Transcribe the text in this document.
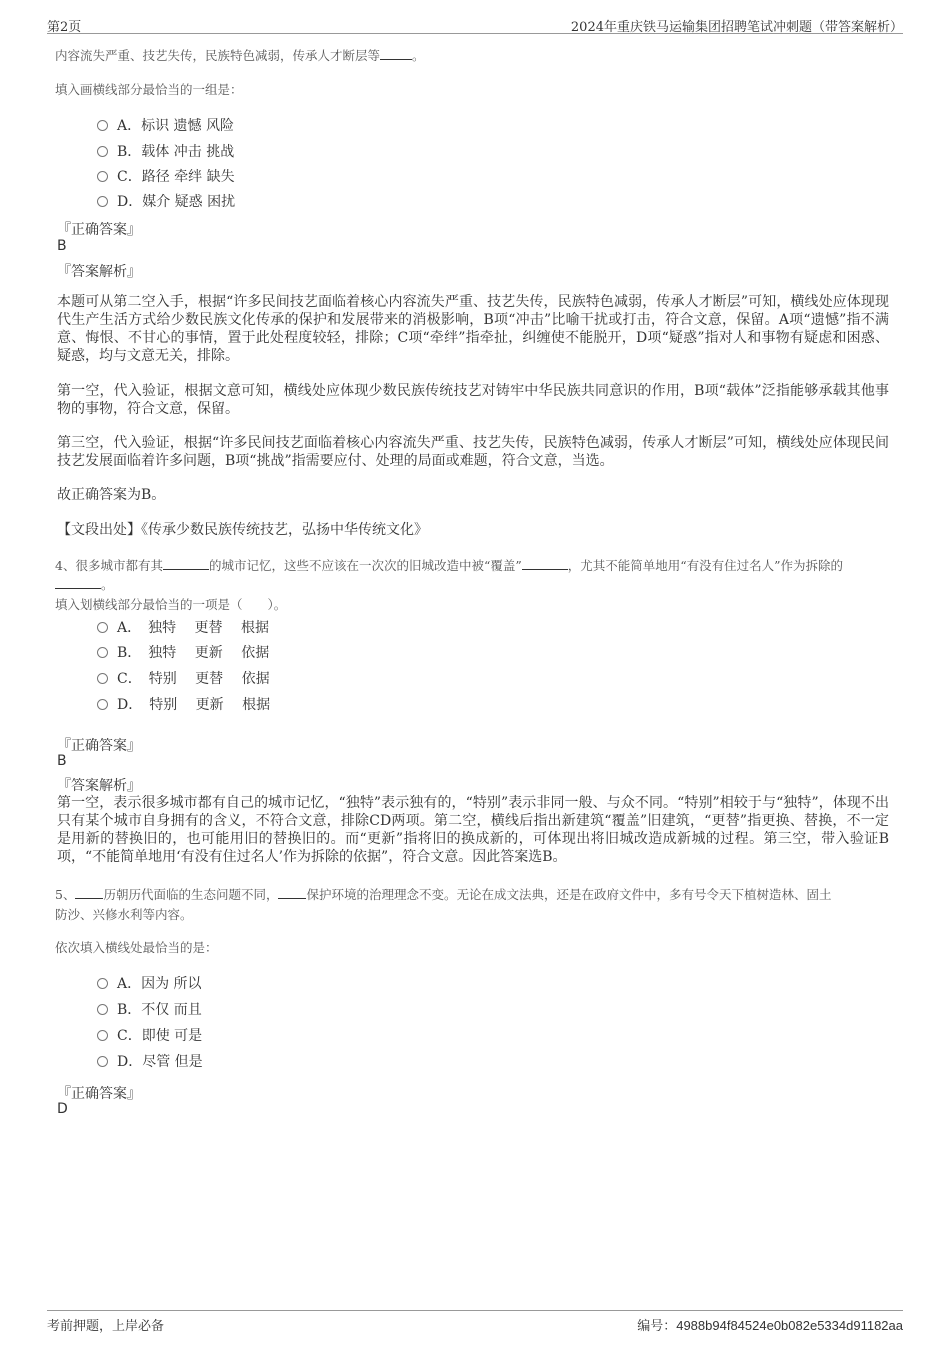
第2页	2024年重庆铁马运输集团招聘笔试冲刺题（带答案解析）
内容流失严重、技艺失传，民族特色减弱，传承人才断层等	。
填入画横线部分最恰当的一组是：
A．标识 遗憾 风险
B．载体 冲击 挑战
C．路径 牵绊 缺失
D．媒介 疑惑 困扰
『正确答案』
B
『答案解析』
本题可从第二空入手，根据“许多民间技艺面临着核心内容流失严重、技艺失传，民族特色减弱，传承人才断层”可知，横线处应体现现代生产生活方式给少数民族文化传承的保护和发展带来的消极影响，B项“冲击”比喻干扰或打击，符合文意，保留。A项“遗憾”指不满意、悔恨、不甘心的事情，置于此处程度较轻，排除；C项“牵绊”指牵扯，纠缠使不能脱开，D项“疑惑”指对人和事物有疑虑和困惑、疑惑，均与文意无关，排除。
第一空，代入验证，根据文意可知，横线处应体现少数民族传统技艺对铸牢中华民族共同意识的作用，B项“载体”泛指能够承载其他事物的事物，符合文意，保留。
第三空，代入验证，根据“许多民间技艺面临着核心内容流失严重、技艺失传，民族特色减弱，传承人才断层”可知，横线处应体现民间技艺发展面临着许多问题，B项“挑战”指需要应付、处理的局面或难题，符合文意，当选。
故正确答案为B。
【文段出处】《传承少数民族传统技艺，弘扬中华传统文化》
4、很多城市都有其	的城市记忆，这些不应该在一次次的旧城改造中被“覆盖”	，尤其不能简单地用“有没有住过名人”作为拆除的
。
填入划横线部分最恰当的一项是（　　）。
A．　独特　 更替　 根据
B．　独特　 更新　 依据
C．　特别　 更替　 依据
D．　特别　 更新　 根据
『正确答案』
B
『答案解析』
第一空，表示很多城市都有自己的城市记忆，“独特”表示独有的，“特别”表示非同一般、与众不同。“特别”相较于与“独特”，体现不出只有某个城市自身拥有的含义，不符合文意，排除CD两项。第二空，横线后指出新建筑“覆盖”旧建筑，“更替”指更换、替换，不一定是用新的替换旧的，也可能用旧的替换旧的。而“更新”指将旧的换成新的，可体现出将旧城改造成新城的过程。第三空，带入验证B项，“不能简单地用‘有没有住过名人’作为拆除的依据”，符合文意。因此答案选B。
5、 历朝历代面临的生态问题不同， 保护环境的治理理念不变。无论在成文法典，还是在政府文件中，多有号令天下植树造林、固土
防沙、兴修水利等内容。
依次填入横线处最恰当的是：
A．因为 所以
B．不仅 而且
C．即使 可是
D．尽管 但是
『正确答案』
D
考前押题，上岸必备	编号：4988b94f84524e0b082e5334d91182aa
